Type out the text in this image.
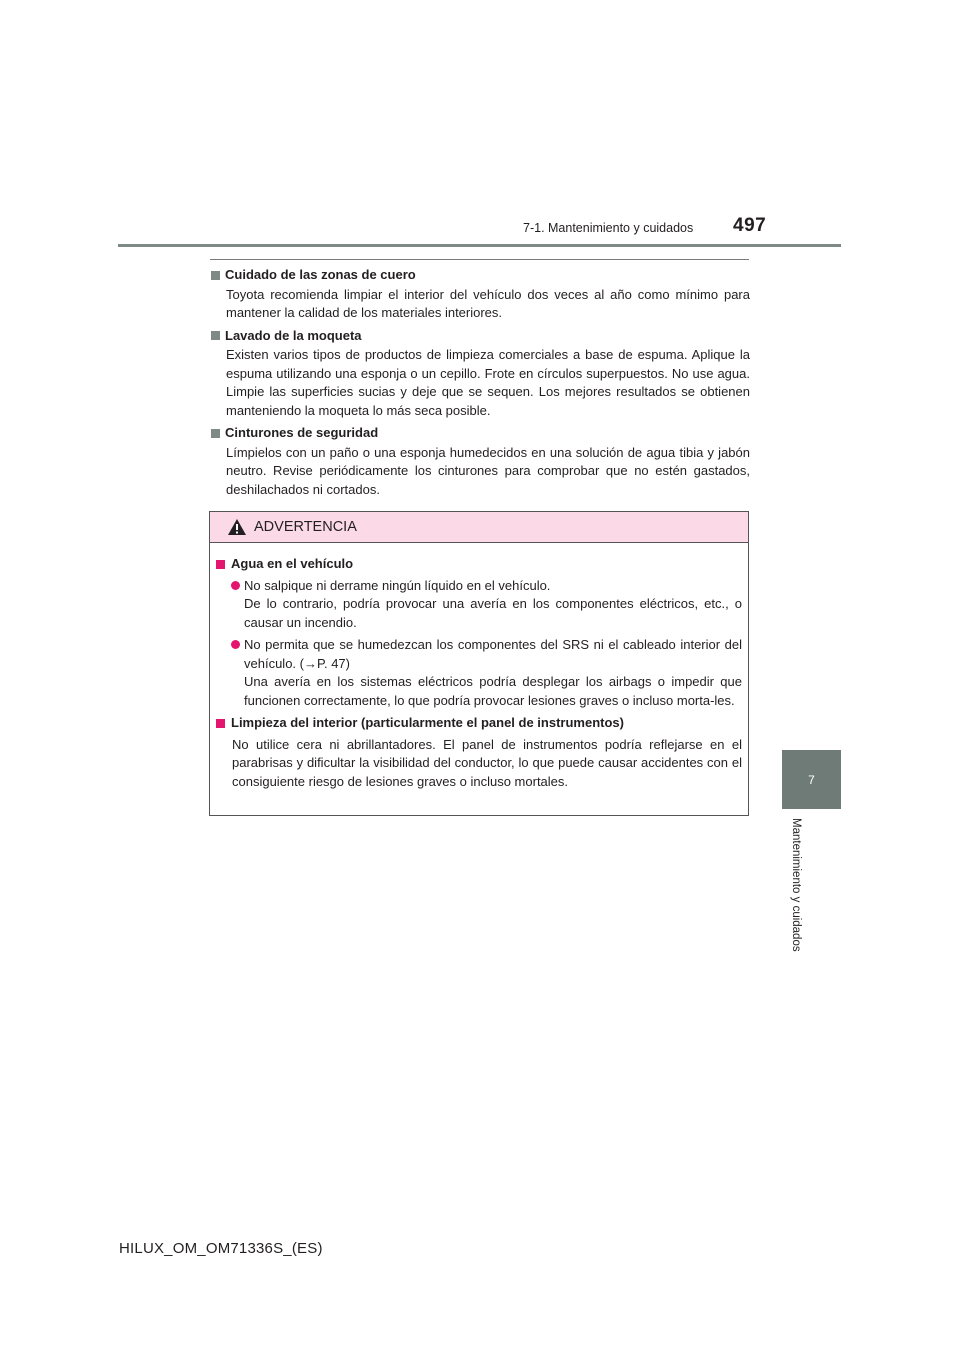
497
7-1. Mantenimiento y cuidados
7
Mantenimiento y cuidados
Cuidado de las zonas de cuero
Toyota recomienda limpiar el interior del vehículo dos veces al año como mínimo para mantener la calidad de los materiales interiores.
Lavado de la moqueta
Existen varios tipos de productos de limpieza comerciales a base de espuma. Aplique la espuma utilizando una esponja o un cepillo. Frote en círculos superpuestos. No use agua. Limpie las superficies sucias y deje que se sequen. Los mejores resultados se obtienen manteniendo la moqueta lo más seca posible.
Cinturones de seguridad
Límpielos con un paño o una esponja humedecidos en una solución de agua tibia y jabón neutro. Revise periódicamente los cinturones para comprobar que no estén gastados, deshilachados ni cortados.
ADVERTENCIA
Agua en el vehículo
No salpique ni derrame ningún líquido en el vehículo.
De lo contrario, podría provocar una avería en los componentes eléctricos, etc., o causar un incendio.
No permita que se humedezcan los componentes del SRS ni el cableado interior del vehículo. (→P. 47)
Una avería en los sistemas eléctricos podría desplegar los airbags o impedir que funcionen correctamente, lo que podría provocar lesiones graves o incluso morta-les.
Limpieza del interior (particularmente el panel de instrumentos)
No utilice cera ni abrillantadores. El panel de instrumentos podría reflejarse en el parabrisas y dificultar la visibilidad del conductor, lo que puede causar accidentes con el consiguiente riesgo de lesiones graves o incluso mortales.
HILUX_OM_OM71336S_(ES)
